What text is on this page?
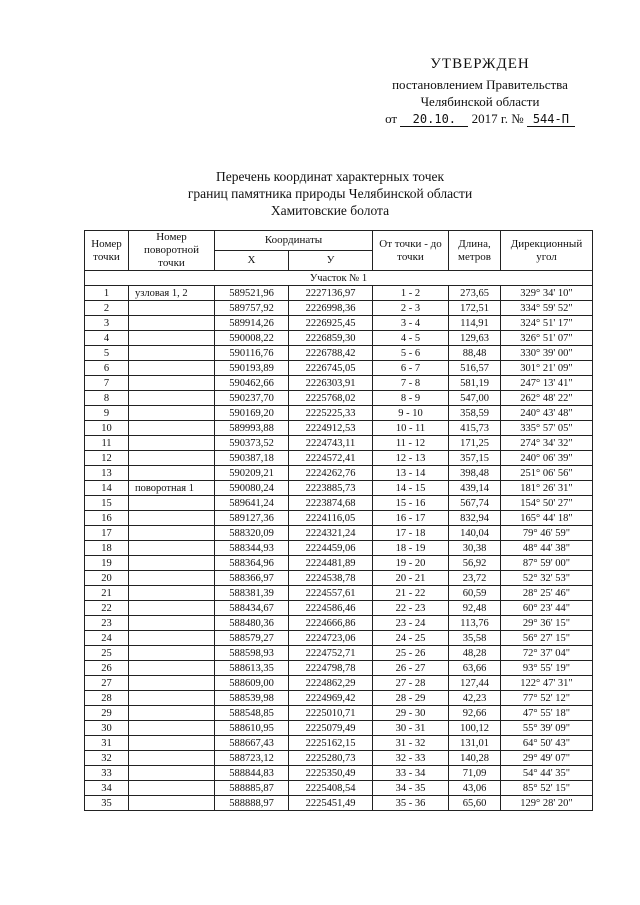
УТВЕРЖДЕН
постановлением Правительства
Челябинской области
от 20.10. 2017 г. № 544-П
Перечень координат характерных точек
границ памятника природы Челябинской области
Хамитовские болота
Номер точки	Номер поворотной точки	Координаты		От точки - до точки	Длина, метров	Дирекционный угол
		X	У			
Участок № 1						
1	узловая 1, 2	589521,96	2227136,97	1 - 2	273,65	329° 34' 10"
2		589757,92	2226998,36	2 - 3	172,51	334° 59' 52"
3		589914,26	2226925,45	3 - 4	114,91	324° 51' 17"
4		590008,22	2226859,30	4 - 5	129,63	326° 51' 07"
5		590116,76	2226788,42	5 - 6	88,48	330° 39' 00"
6		590193,89	2226745,05	6 - 7	516,57	301° 21' 09"
7		590462,66	2226303,91	7 - 8	581,19	247° 13' 41"
8		590237,70	2225768,02	8 - 9	547,00	262° 48' 22"
9		590169,20	2225225,33	9 - 10	358,59	240° 43' 48"
10		589993,88	2224912,53	10 - 11	415,73	335° 57' 05"
11		590373,52	2224743,11	11 - 12	171,25	274° 34' 32"
12		590387,18	2224572,41	12 - 13	357,15	240° 06' 39"
13		590209,21	2224262,76	13 - 14	398,48	251° 06' 56"
14	поворотная 1	590080,24	2223885,73	14 - 15	439,14	181° 26' 31"
15		589641,24	2223874,68	15 - 16	567,74	154° 50' 27"
16		589127,36	2224116,05	16 - 17	832,94	165° 44' 18"
17		588320,09	2224321,24	17 - 18	140,04	79° 46' 59"
18		588344,93	2224459,06	18 - 19	30,38	48° 44' 38"
19		588364,96	2224481,89	19 - 20	56,92	87° 59' 00"
20		588366,97	2224538,78	20 - 21	23,72	52° 32' 53"
21		588381,39	2224557,61	21 - 22	60,59	28° 25' 46"
22		588434,67	2224586,46	22 - 23	92,48	60° 23' 44"
23		588480,36	2224666,86	23 - 24	113,76	29° 36' 15"
24		588579,27	2224723,06	24 - 25	35,58	56° 27' 15"
25		588598,93	2224752,71	25 - 26	48,28	72° 37' 04"
26		588613,35	2224798,78	26 - 27	63,66	93° 55' 19"
27		588609,00	2224862,29	27 - 28	127,44	122° 47' 31"
28		588539,98	2224969,42	28 - 29	42,23	77° 52' 12"
29		588548,85	2225010,71	29 - 30	92,66	47° 55' 18"
30		588610,95	2225079,49	30 - 31	100,12	55° 39' 09"
31		588667,43	2225162,15	31 - 32	131,01	64° 50' 43"
32		588723,12	2225280,73	32 - 33	140,28	29° 49' 07"
33		588844,83	2225350,49	33 - 34	71,09	54° 44' 35"
34		588885,87	2225408,54	34 - 35	43,06	85° 52' 15"
35		588888,97	2225451,49	35 - 36	65,60	129° 28' 20"
